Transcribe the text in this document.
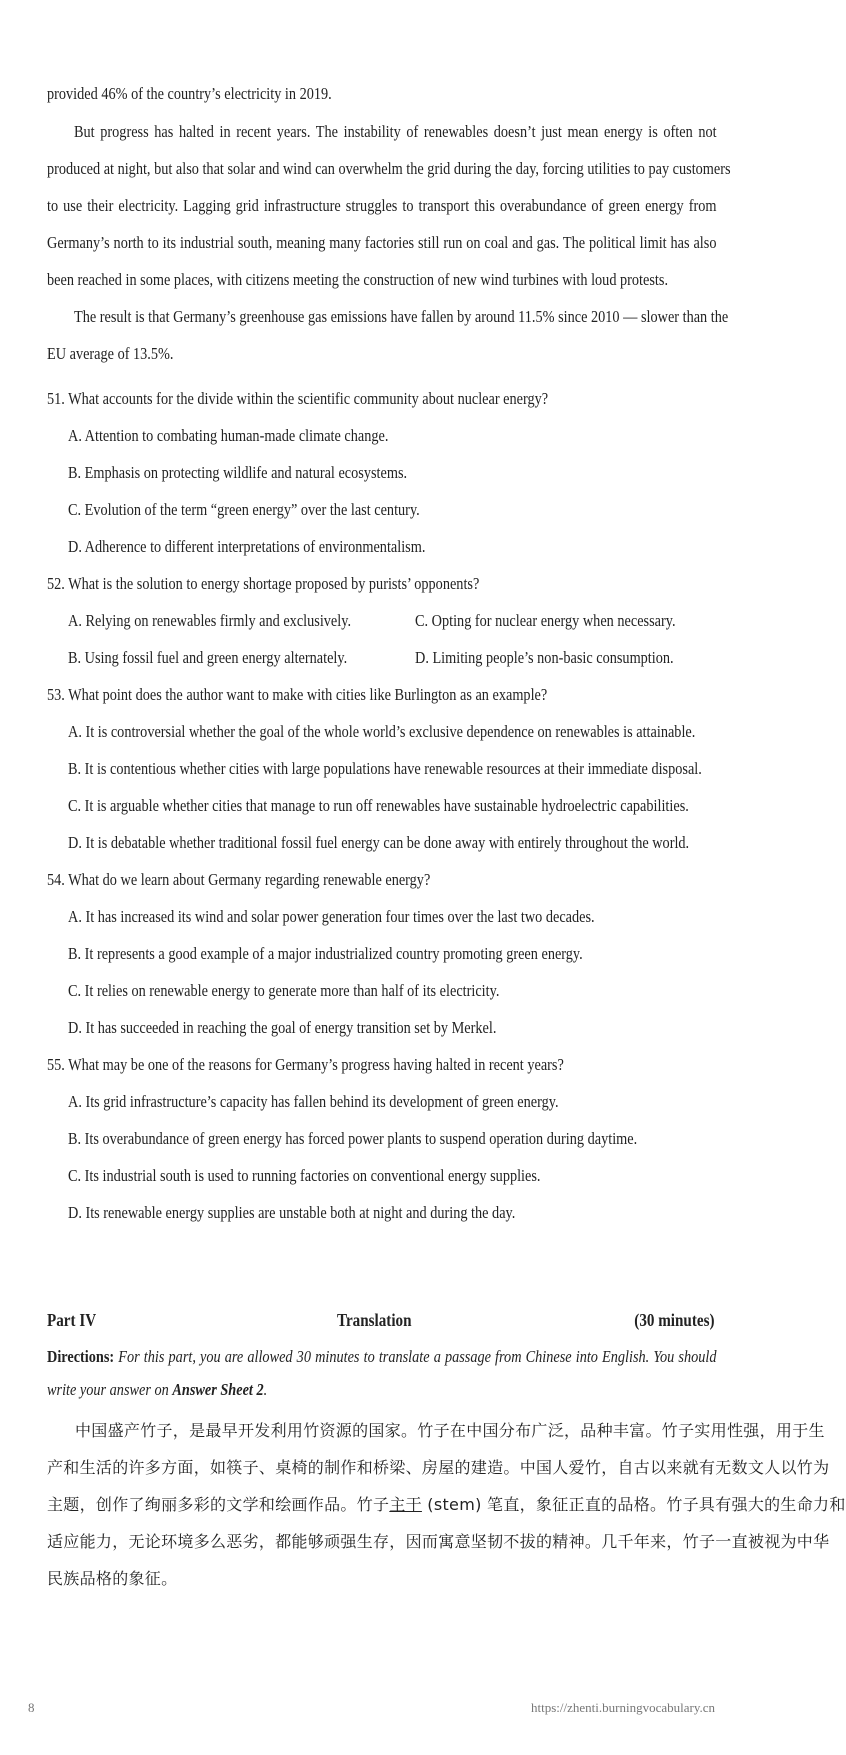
provided 46% of the country’s electricity in 2019.
But progress has halted in recent years. The instability of renewables doesn’t just mean energy is often not
produced at night, but also that solar and wind can overwhelm the grid during the day, forcing utilities to pay customers
to use their electricity. Lagging grid infrastructure struggles to transport this overabundance of green energy from
Germany’s north to its industrial south, meaning many factories still run on coal and gas. The political limit has also
been reached in some places, with citizens meeting the construction of new wind turbines with loud protests.
The result is that Germany’s greenhouse gas emissions have fallen by around 11.5% since 2010 — slower than the
EU average of 13.5%.
51. What accounts for the divide within the scientific community about nuclear energy?
A. Attention to combating human-made climate change.
B. Emphasis on protecting wildlife and natural ecosystems.
C. Evolution of the term “green energy” over the last century.
D. Adherence to different interpretations of environmentalism.
52. What is the solution to energy shortage proposed by purists’ opponents?
A. Relying on renewables firmly and exclusively.	C. Opting for nuclear energy when necessary.
B. Using fossil fuel and green energy alternately.	D. Limiting people’s non-basic consumption.
53. What point does the author want to make with cities like Burlington as an example?
A. It is controversial whether the goal of the whole world’s exclusive dependence on renewables is attainable.
B. It is contentious whether cities with large populations have renewable resources at their immediate disposal.
C. It is arguable whether cities that manage to run off renewables have sustainable hydroelectric capabilities.
D. It is debatable whether traditional fossil fuel energy can be done away with entirely throughout the world.
54. What do we learn about Germany regarding renewable energy?
A. It has increased its wind and solar power generation four times over the last two decades.
B. It represents a good example of a major industrialized country promoting green energy.
C. It relies on renewable energy to generate more than half of its electricity.
D. It has succeeded in reaching the goal of energy transition set by Merkel.
55. What may be one of the reasons for Germany’s progress having halted in recent years?
A. Its grid infrastructure’s capacity has fallen behind its development of green energy.
B. Its overabundance of green energy has forced power plants to suspend operation during daytime.
C. Its industrial south is used to running factories on conventional energy supplies.
D. Its renewable energy supplies are unstable both at night and during the day.
Part IV	Translation	(30 minutes)
Directions: For this part, you are allowed 30 minutes to translate a passage from Chinese into English. You should
write your answer on Answer Sheet 2.
中国盛产竹子，是最早开发利用竹资源的国家。竹子在中国分布广泛，品种丰富。竹子实用性强，用于生
产和生活的许多方面，如筷子、桌椅的制作和桥梁、房屋的建造。中国人爱竹，自古以来就有无数文人以竹为
主题，创作了绚丽多彩的文学和绘画作品。竹子主干 (stem) 笔直，象征正直的品格。竹子具有强大的生命力和
适应能力，无论环境多么恶劣，都能够顽强生存，因而寓意坚韧不拔的精神。几千年来，竹子一直被视为中华
民族品格的象征。
8	https://zhenti.burningvocabulary.cn
